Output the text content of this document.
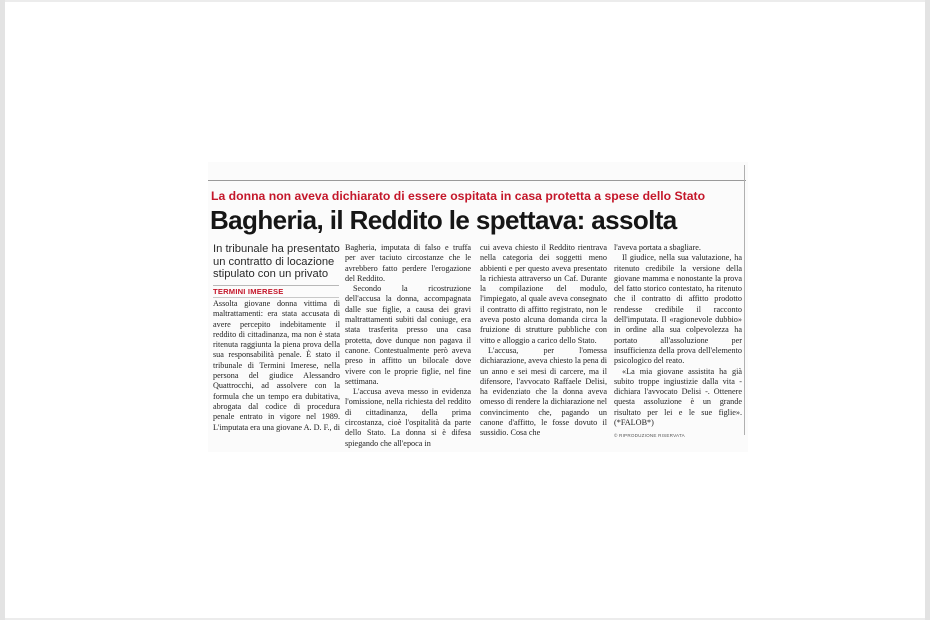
La donna non aveva dichiarato di essere ospitata in casa protetta a spese dello Stato
Bagheria, il Reddito le spettava: assolta
In tribunale ha presentato un contratto di locazione stipulato con un privato
TERMINI IMERESE

Assolta giovane donna vittima di maltrattamenti: era stata accusata di avere percepito indebitamente il reddito di cittadinanza, ma non è stata ritenuta raggiunta la piena prova della sua responsabilità penale. È stato il tribunale di Termini Imerese, nella persona del giudice Alessandro Quattrocchi, ad assolvere con la formula che un tempo era dubitativa, abrogata dal codice di procedura penale entrato in vigore nel 1989. L'imputata era una giovane A. D. F., di

Bagheria, imputata di falso e truffa per aver taciuto circostanze che le avrebbero fatto perdere l'erogazione del Reddito.

Secondo la ricostruzione dell'accusa la donna, accompagnata dalle sue figlie, a causa dei gravi maltrattamenti subiti dal coniuge, era stata trasferita presso una casa protetta, dove dunque non pagava il canone. Contestualmente però aveva preso in affitto un bilocale dove vivere con le proprie figlie, nel fine settimana.

L'accusa aveva messo in evidenza l'omissione, nella richiesta del reddito di cittadinanza, della prima circostanza, cioè l'ospitalità da parte dello Stato. La donna si è difesa spiegando che all'epoca in

cui aveva chiesto il Reddito rientrava nella categoria dei soggetti meno abbienti e per questo aveva presentato la richiesta attraverso un Caf. Durante la compilazione del modulo, l'impiegato, al quale aveva consegnato il contratto di affitto registrato, non le aveva posto alcuna domanda circa la fruizione di strutture pubbliche con vitto e alloggio a carico dello Stato.

L'accusa, per l'omessa dichiarazione, aveva chiesto la pena di un anno e sei mesi di carcere, ma il difensore, l'avvocato Raffaele Delisi, ha evidenziato che la donna aveva omesso di rendere la dichiarazione nel convincimento che, pagando un canone d'affitto, le fosse dovuto il sussidio. Cosa che

l'aveva portata a sbagliare.

Il giudice, nella sua valutazione, ha ritenuto credibile la versione della giovane mamma e nonostante la prova del fatto storico contestato, ha ritenuto che il contratto di affitto prodotto rendesse credibile il racconto dell'imputata. Il «ragionevole dubbio» in ordine alla sua colpevolezza ha portato all'assoluzione per insufficienza della prova dell'elemento psicologico del reato.

«La mia giovane assistita ha già subito troppe ingiustizie dalla vita - dichiara l'avvocato Delisi -. Ottenere questa assoluzione è un grande risultato per lei e le sue figlie». (*FALOB*)

© RIPRODUZIONE RISERVATA
